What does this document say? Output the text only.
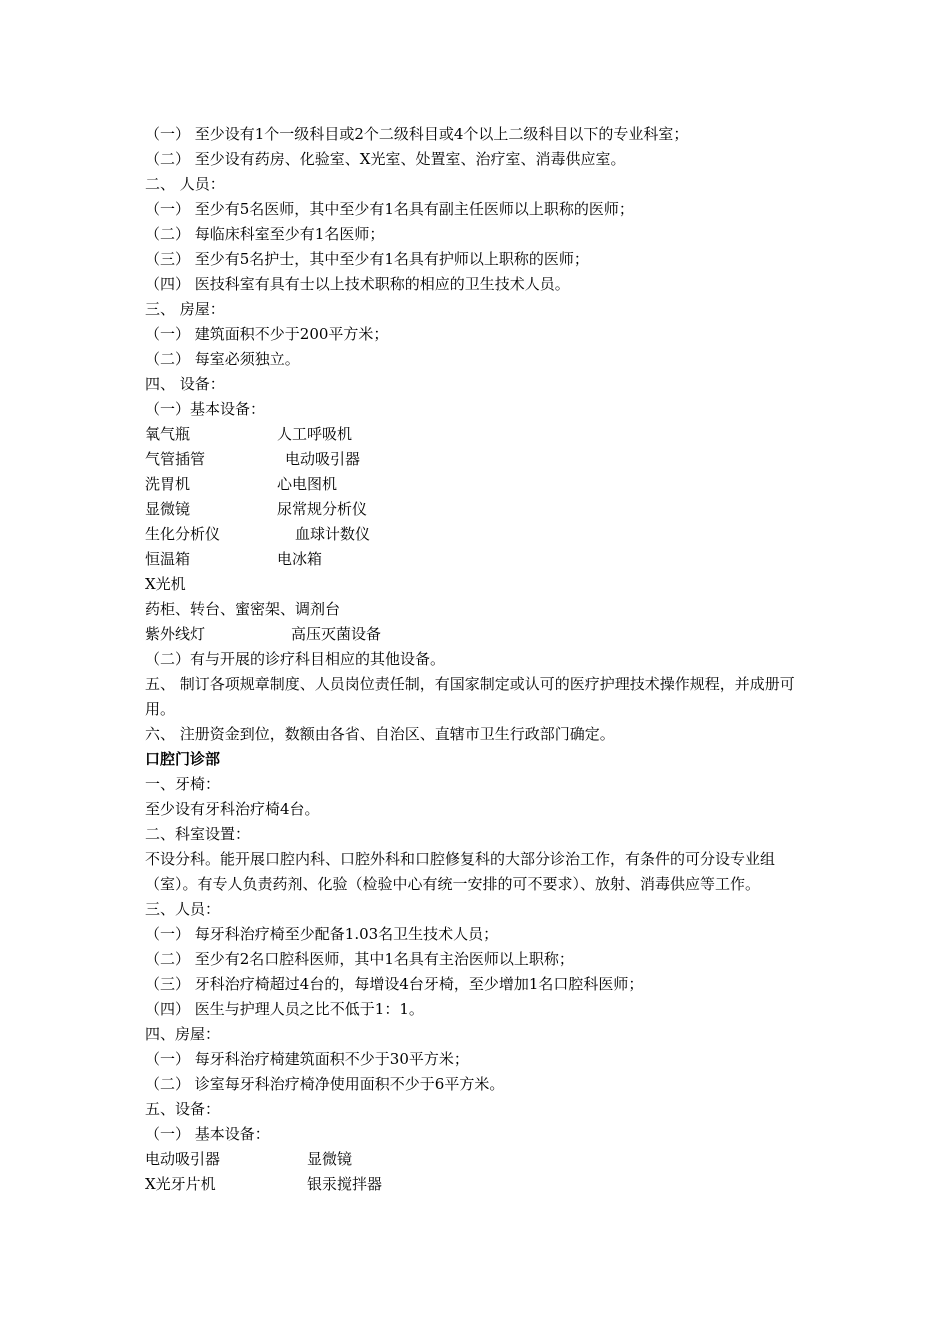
（一） 至少设有1个一级科目或2个二级科目或4个以上二级科目以下的专业科室；
（二） 至少设有药房、化验室、X光室、处置室、治疗室、消毒供应室。
二、 人员：
（一） 至少有5名医师，其中至少有1名具有副主任医师以上职称的医师；
（二） 每临床科室至少有1名医师；
（三） 至少有5名护士，其中至少有1名具有护师以上职称的医师；
（四） 医技科室有具有士以上技术职称的相应的卫生技术人员。
三、 房屋：
（一） 建筑面积不少于200平方米；
（二） 每室必须独立。
四、 设备：
（一）基本设备：
氧气瓶	人工呼吸机
气管插管	电动吸引器
洗胃机	心电图机
显微镜	尿常规分析仪
生化分析仪	血球计数仪
恒温箱	电冰箱
X光机
药柜、转台、蜜密架、调剂台
紫外线灯	高压灭菌设备
（二）有与开展的诊疗科目相应的其他设备。
五、 制订各项规章制度、人员岗位责任制，有国家制定或认可的医疗护理技术操作规程，并成册可用。
六、 注册资金到位，数额由各省、自治区、直辖市卫生行政部门确定。
口腔门诊部
一、牙椅：
至少设有牙科治疗椅4台。
二、科室设置：
不设分科。能开展口腔内科、口腔外科和口腔修复科的大部分诊治工作，有条件的可分设专业组（室）。有专人负责药剂、化验（检验中心有统一安排的可不要求）、放射、消毒供应等工作。
三、人员：
（一） 每牙科治疗椅至少配备1.03名卫生技术人员；
（二） 至少有2名口腔科医师，其中1名具有主治医师以上职称；
（三） 牙科治疗椅超过4台的，每增设4台牙椅，至少增加1名口腔科医师；
（四） 医生与护理人员之比不低于1：1。
四、房屋：
（一） 每牙科治疗椅建筑面积不少于30平方米；
（二） 诊室每牙科治疗椅净使用面积不少于6平方米。
五、设备：
（一） 基本设备：
电动吸引器	显微镜
X光牙片机	银汞搅拌器
